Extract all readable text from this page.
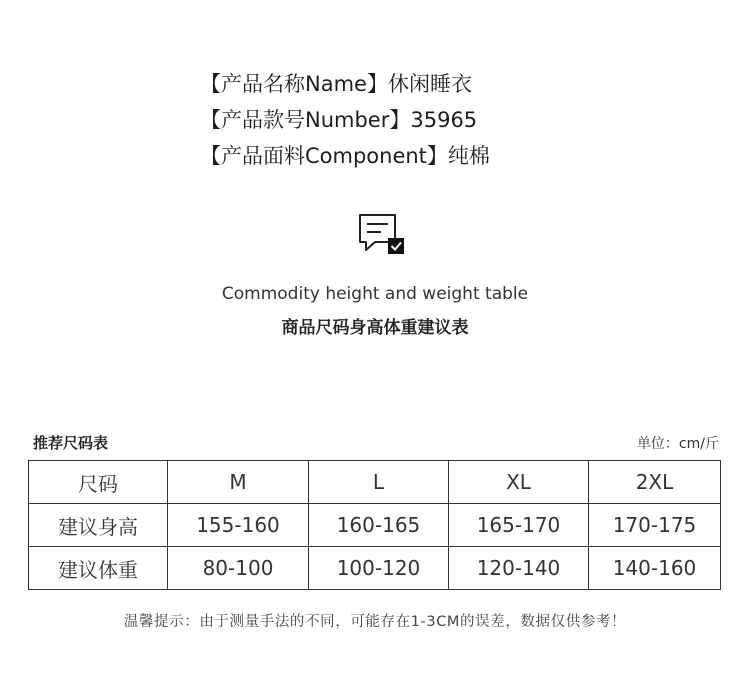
【产品名称Name】休闲睡衣
【产品款号Number】35965
【产品面料Component】纯棉
Commodity height and weight table
商品尺码身高体重建议表
推荐尺码表	单位：cm/斤
尺码	M	L	XL	2XL
建议身高	155-160	160-165	165-170	170-175
建议体重	80-100	100-120	120-140	140-160
温馨提示：由于测量手法的不同，可能存在1-3CM的误差，数据仅供参考！
